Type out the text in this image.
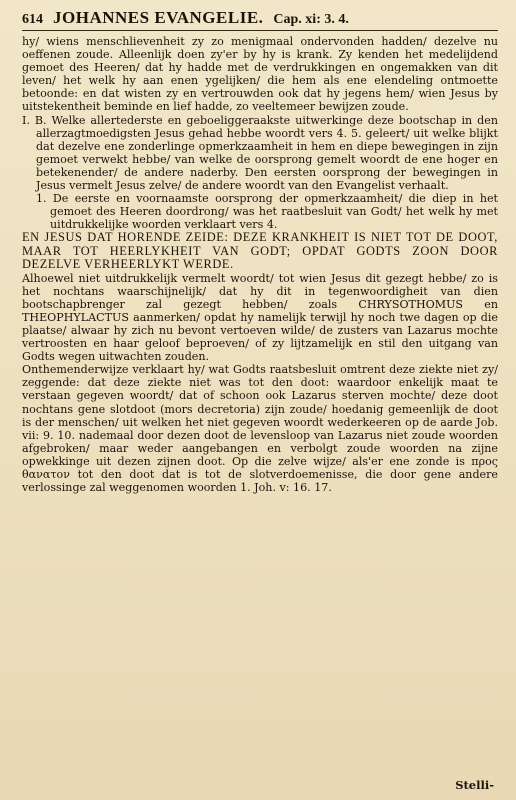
614 JOHANNES EVANGELIE. Cap. xi: 3. 4.

hy/ wiens menschlievenheit zy zo menigmaal ondervonden hadden/ dezelve nu oeffenen zoude. Alleenlijk doen zy'er by hy is krank. Zy kenden het medelijdend gemoet des Heeren/ dat hy hadde met de verdrukkingen en ongemakken van dit leven/ het welk hy aan enen ygelijken/ die hem als ene elendeling ontmoette betoonde: en dat wisten zy en vertrouwden ook dat hy jegens hem/ wien Jesus by uitstekentheit beminde en lief hadde, zo veeltemeer bewijzen zoude.

I. B. Welke allertederste en geboeliggeraakste uitwerkinge deze bootschap in den allerzagtmoedigsten Jesus gehad hebbe woordt vers 4. 5. geleert/ uit welke blijkt dat dezelve ene zonderlinge opmerkzaamheit in hem en diepe bewegingen in zijn gemoet verwekt hebbe/ van welke de oorsprong gemelt woordt de ene hoger en betekenender/ de andere naderby. Den eersten oorsprong der bewegingen in Jesus vermelt Jesus zelve/ de andere woordt van den Evangelist verhaalt.

1. De eerste en voornaamste oorsprong der opmerkzaamheit/ die diep in het gemoet des Heeren doordrong/ was het raatbesluit van Godt/ het welk hy met uitdrukkelijke woorden verklaart vers 4.

EN JESUS DAT HORENDE ZEIDE: DEZE KRANKHEIT IS NIET TOT DE DOOT, MAAR TOT HEERLYKHEIT VAN GODT; OPDAT GODTS ZOON DOOR DEZELVE VERHEERLYKT WERDE.

Alhoewel niet uitdrukkelijk vermelt woordt/ tot wien Jesus dit gezegt hebbe/ zo is het nochtans waarschijnelijk/ dat hy dit in tegenwoordigheit van dien bootschapbrenger zal gezegt hebben/ zoals CHRYSOTHOMUS en THEOPHYLACTUS aanmerken/ opdat hy namelijk terwijl hy noch twe dagen op die plaatse/ alwaar hy zich nu bevont vertoeven wilde/ de zusters van Lazarus mochte vertroosten en haar geloof beproeven/ of zy lijtzamelijk en stil den uitgang van Godts wegen uitwachten zouden.

Onthemenderwijze verklaart hy/ wat Godts raatsbesluit omtrent deze ziekte niet zy/ zeggende: dat deze ziekte niet was tot den doot: waardoor enkelijk maat te verstaan gegeven woordt/ dat of schoon ook Lazarus sterven mochte/ deze doot nochtans gene slotdoot (mors decretoria) zijn zoude/ hoedanig gemeenlijk de doot is der menschen/ uit welken het niet gegeven woordt wederkeeren op de aarde Job. vii: 9. 10. nademaal door dezen doot de levensloop van Lazarus niet zoude woorden afgebroken/ maar weder aangebangen en verbolgt zoude woorden na zijne opwekkinge uit dezen zijnen doot. Op die zelve wijze/ als'er ene zonde is προς θανατον tot den doot dat is tot de slotverdoemenisse, die door gene andere verlossinge zal weggenomen woorden 1. Joh. v: 16. 17.

Stelli-
